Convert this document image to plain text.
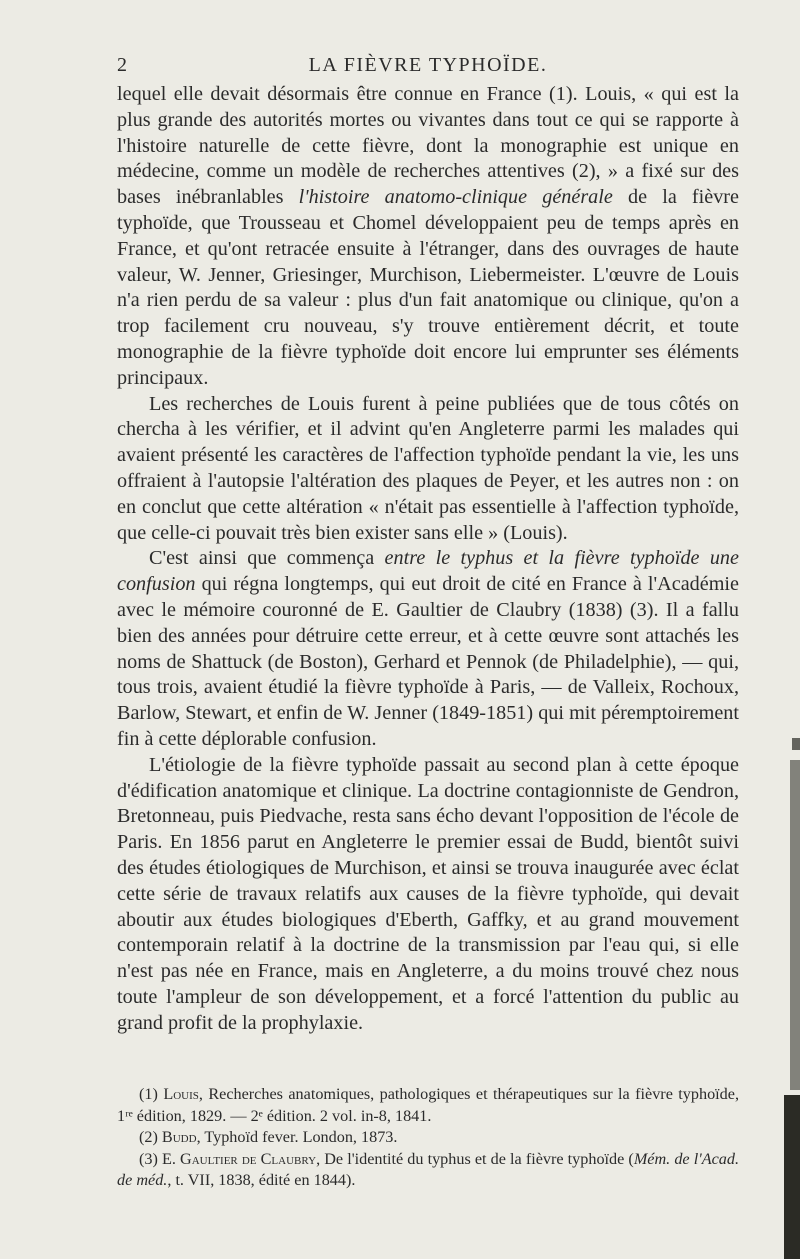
2	LA FIÈVRE TYPHOÏDE.

lequel elle devait désormais être connue en France (1). Louis, « qui est la plus grande des autorités mortes ou vivantes dans tout ce qui se rapporte à l'histoire naturelle de cette fièvre, dont la monographie est unique en médecine, comme un modèle de recherches attentives (2), » a fixé sur des bases inébranlables l'histoire anatomo-clinique générale de la fièvre typhoïde, que Trousseau et Chomel développaient peu de temps après en France, et qu'ont retracée ensuite à l'étranger, dans des ouvrages de haute valeur, W. Jenner, Griesinger, Murchison, Liebermeister. L'œuvre de Louis n'a rien perdu de sa valeur : plus d'un fait anatomique ou clinique, qu'on a trop facilement cru nouveau, s'y trouve entièrement décrit, et toute monographie de la fièvre typhoïde doit encore lui emprunter ses éléments principaux.

Les recherches de Louis furent à peine publiées que de tous côtés on chercha à les vérifier, et il advint qu'en Angleterre parmi les malades qui avaient présenté les caractères de l'affection typhoïde pendant la vie, les uns offraient à l'autopsie l'altération des plaques de Peyer, et les autres non : on en conclut que cette altération « n'était pas essentielle à l'affection typhoïde, que celle-ci pouvait très bien exister sans elle » (Louis).

C'est ainsi que commença entre le typhus et la fièvre typhoïde une confusion qui régna longtemps, qui eut droit de cité en France à l'Académie avec le mémoire couronné de E. Gaultier de Claubry (1838) (3). Il a fallu bien des années pour détruire cette erreur, et à cette œuvre sont attachés les noms de Shattuck (de Boston), Gerhard et Pennok (de Philadelphie), — qui, tous trois, avaient étudié la fièvre typhoïde à Paris, — de Valleix, Rochoux, Barlow, Stewart, et enfin de W. Jenner (1849-1851) qui mit péremptoirement fin à cette déplorable confusion.

L'étiologie de la fièvre typhoïde passait au second plan à cette époque d'édification anatomique et clinique. La doctrine contagionniste de Gendron, Bretonneau, puis Piedvache, resta sans écho devant l'opposition de l'école de Paris. En 1856 parut en Angleterre le premier essai de Budd, bientôt suivi des études étiologiques de Murchison, et ainsi se trouva inaugurée avec éclat cette série de travaux relatifs aux causes de la fièvre typhoïde, qui devait aboutir aux études biologiques d'Eberth, Gaffky, et au grand mouvement contemporain relatif à la doctrine de la transmission par l'eau qui, si elle n'est pas née en France, mais en Angleterre, a du moins trouvé chez nous toute l'ampleur de son développement, et a forcé l'attention du public au grand profit de la prophylaxie.

(1) Louis, Recherches anatomiques, pathologiques et thérapeutiques sur la fièvre typhoïde, 1ʳᵉ édition, 1829. — 2ᵉ édition. 2 vol. in-8, 1841.

(2) Budd, Typhoïd fever. London, 1873.

(3) E. Gaultier de Claubry, De l'identité du typhus et de la fièvre typhoïde (Mém. de l'Acad. de méd., t. VII, 1838, édité en 1844).
